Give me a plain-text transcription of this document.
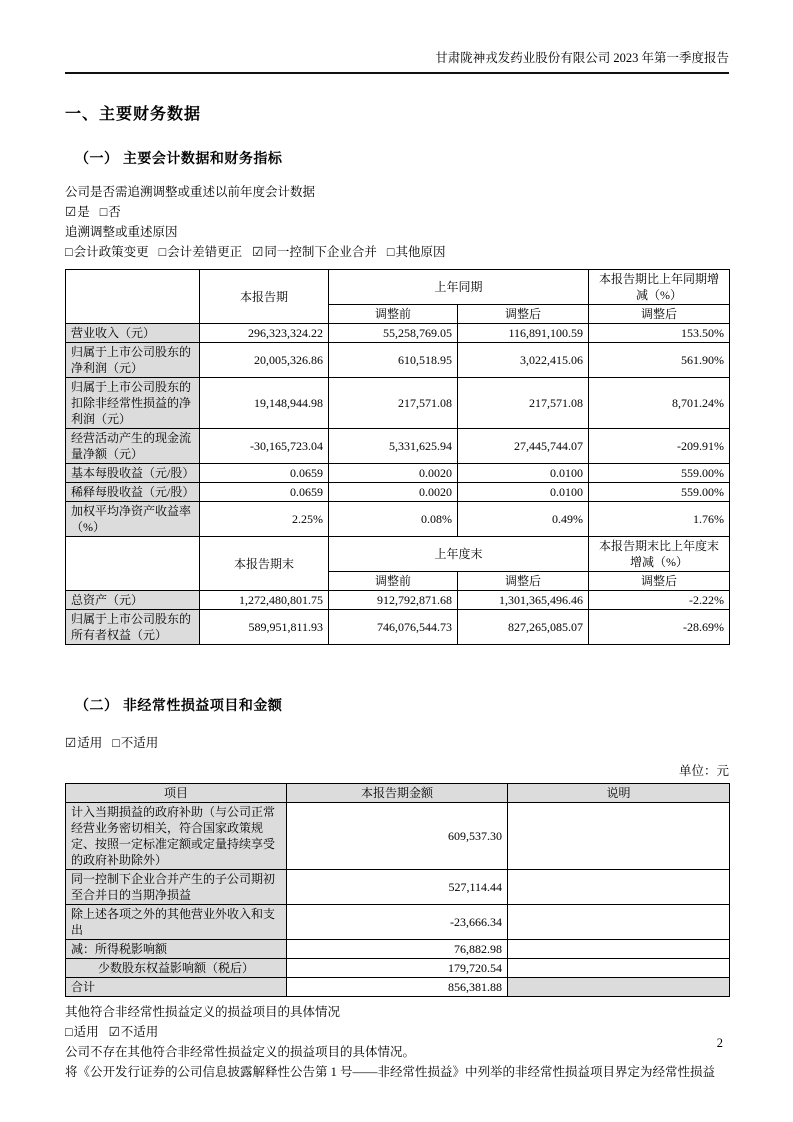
甘肃陇神戎发药业股份有限公司 2023 年第一季度报告
一、主要财务数据
（一） 主要会计数据和财务指标

公司是否需追溯调整或重述以前年度会计数据

☑是 □否

追溯调整或重述原因

□会计政策变更 □会计差错更正 ☑同一控制下企业合并 □其他原因

	本报告期	上年同期		本报告期比上年同期增减（%）
		调整前	调整后	调整后
营业收入（元）	296,323,324.22	55,258,769.05	116,891,100.59	153.50%
归属于上市公司股东的净利润（元）	20,005,326.86	610,518.95	3,022,415.06	561.90%
归属于上市公司股东的扣除非经常性损益的净利润（元）	19,148,944.98	217,571.08	217,571.08	8,701.24%
经营活动产生的现金流量净额（元）	-30,165,723.04	5,331,625.94	27,445,744.07	-209.91%
基本每股收益（元/股）	0.0659	0.0020	0.0100	559.00%
稀释每股收益（元/股）	0.0659	0.0020	0.0100	559.00%
加权平均净资产收益率（%）	2.25%	0.08%	0.49%	1.76%
	本报告期末	上年度末		本报告期末比上年度末增减（%）
		调整前	调整后	调整后
总资产（元）	1,272,480,801.75	912,792,871.68	1,301,365,496.46	-2.22%
归属于上市公司股东的所有者权益（元）	589,951,811.93	746,076,544.73	827,265,085.07	-28.69%
（二） 非经常性损益项目和金额

☑适用 □不适用

单位：元

项目	本报告期金额	说明
计入当期损益的政府补助（与公司正常经营业务密切相关，符合国家政策规定、按照一定标准定额或定量持续享受的政府补助除外）	609,537.30	
同一控制下企业合并产生的子公司期初至合并日的当期净损益	527,114.44	
除上述各项之外的其他营业外收入和支出	-23,666.34	
减：所得税影响额	76,882.98	
少数股东权益影响额（税后）	179,720.54	
合计	856,381.88	

其他符合非经常性损益定义的损益项目的具体情况

□适用 ☑不适用

公司不存在其他符合非经常性损益定义的损益项目的具体情况。

将《公开发行证券的公司信息披露解释性公告第 1 号——非经常性损益》中列举的非经常性损益项目界定为经常性损益

2
